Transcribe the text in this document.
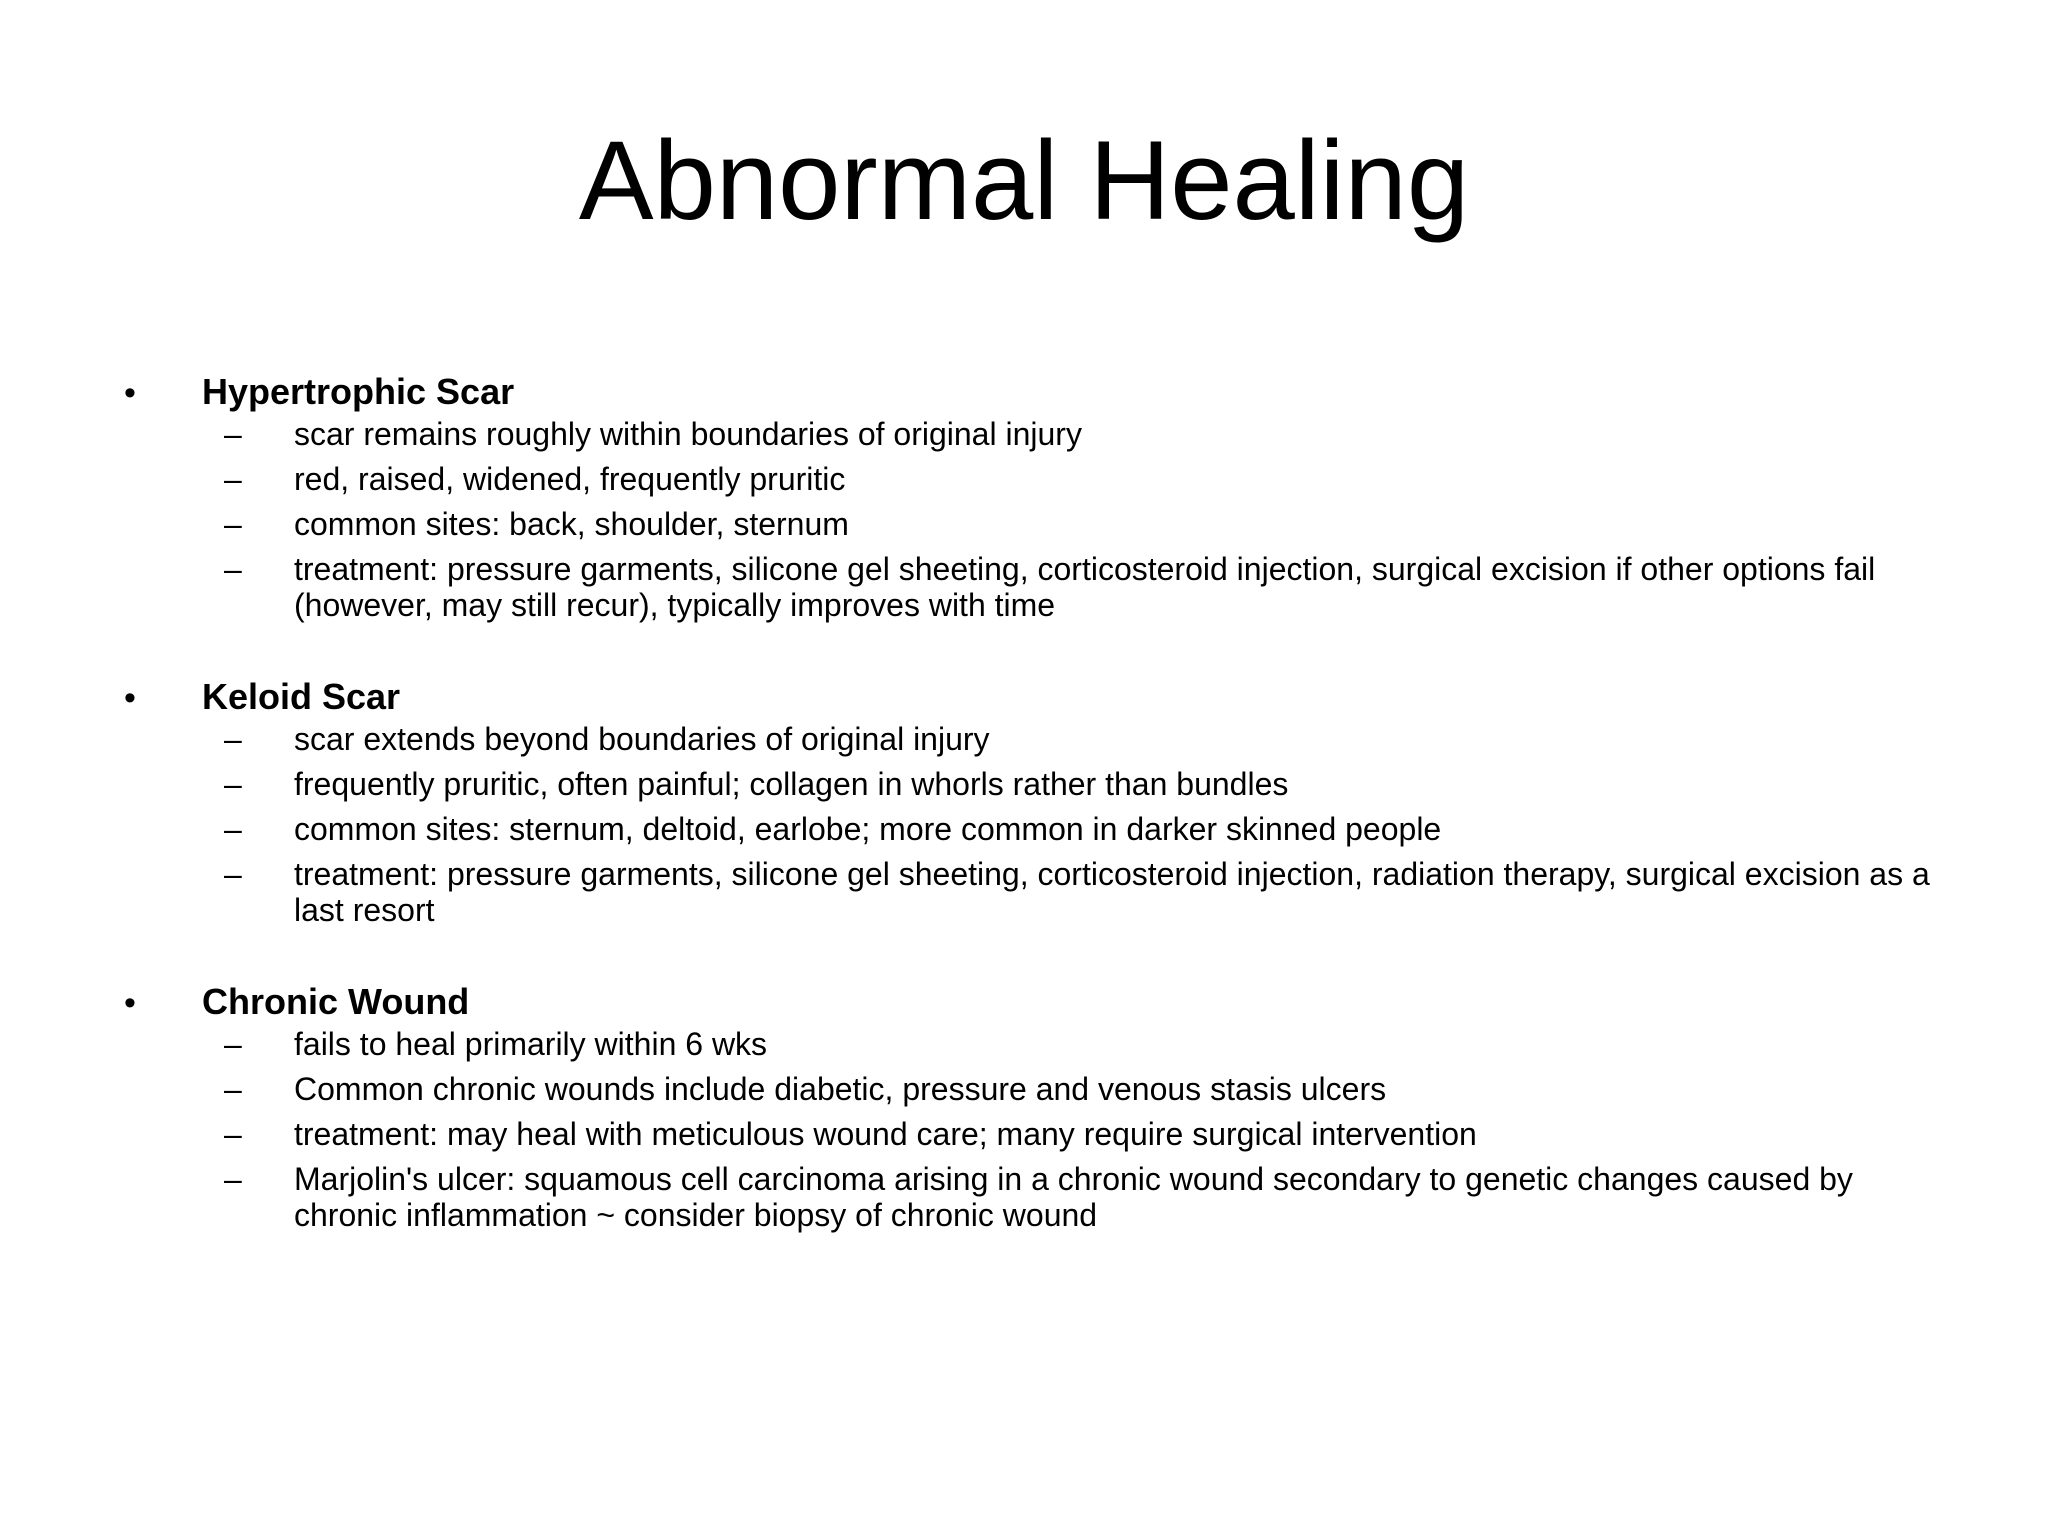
Abnormal Healing
•	Hypertrophic Scar
–	scar remains roughly within boundaries of original injury
–	red, raised, widened, frequently pruritic
–	common sites: back, shoulder, sternum
–	treatment: pressure garments, silicone gel sheeting, corticosteroid injection, surgical excision if other options fail (however, may still recur), typically improves with time
•	Keloid Scar
–	scar extends beyond boundaries of original injury
–	frequently pruritic, often painful; collagen in whorls rather than bundles
–	common sites: sternum, deltoid, earlobe; more common in darker skinned people
–	treatment: pressure garments, silicone gel sheeting, corticosteroid injection, radiation therapy, surgical excision as a last resort
•	Chronic Wound
–	fails to heal primarily within 6 wks
–	Common chronic wounds include diabetic, pressure and venous stasis ulcers
–	treatment: may heal with meticulous wound care; many require surgical intervention
–	Marjolin's ulcer: squamous cell carcinoma arising in a chronic wound secondary to genetic changes caused by chronic inflammation ~ consider biopsy of chronic wound
